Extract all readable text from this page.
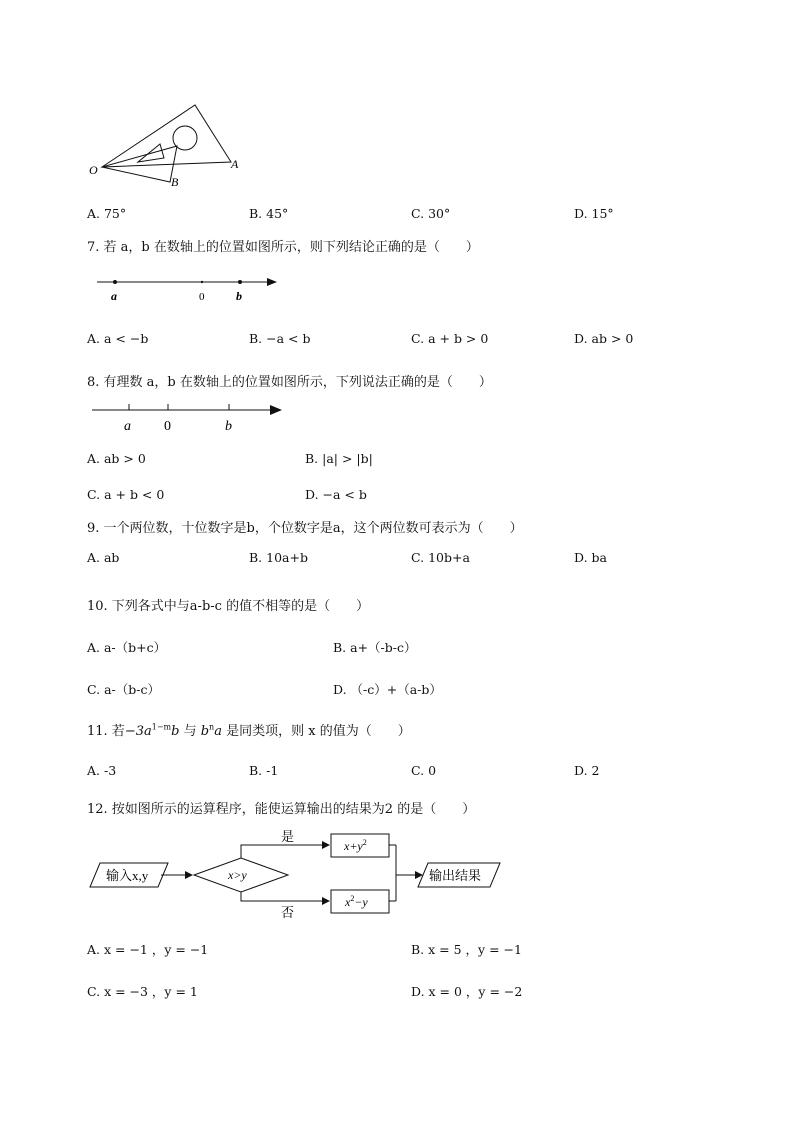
O	A
B
A. 75°	B. 45°	C. 30°	D. 15°
7. 若 a，b 在数轴上的位置如图所示，则下列结论正确的是（　　）
a	0	b
A. a < −b	B. −a < b	C. a + b > 0	D. ab > 0
8. 有理数 a，b 在数轴上的位置如图所示，下列说法正确的是（　　）
a 0	b
A. ab > 0	B. |a| > |b|
C. a + b < 0	D. −a < b
9. 一个两位数，十位数字是b，个位数字是a，这个两位数可表示为（　　）
A. ab	B. 10a+b	C. 10b+a	D. ba
10. 下列各式中与a-b-c 的值不相等的是（　　）
A. a-（b+c）	B. a+（-b-c）
C. a-（b-c）	D. （-c）+（a-b）
11. 若$-3a^{1-m}b$ 与 $b^na$ 是同类项，则 x 的值为（　　）
A. -3	B. -1	C. 0	D. 2
12. 按如图所示的运算程序，能使运算输出的结果为2 的是（　　）
输入x,y	x>y
是
否
$x+y^2$
$x^2-y$
输出结果
A. x = −1 ，y = −1	B. x = 5 ，y = −1
C. x = −3 ，y = 1	D. x = 0 ，y = −2
